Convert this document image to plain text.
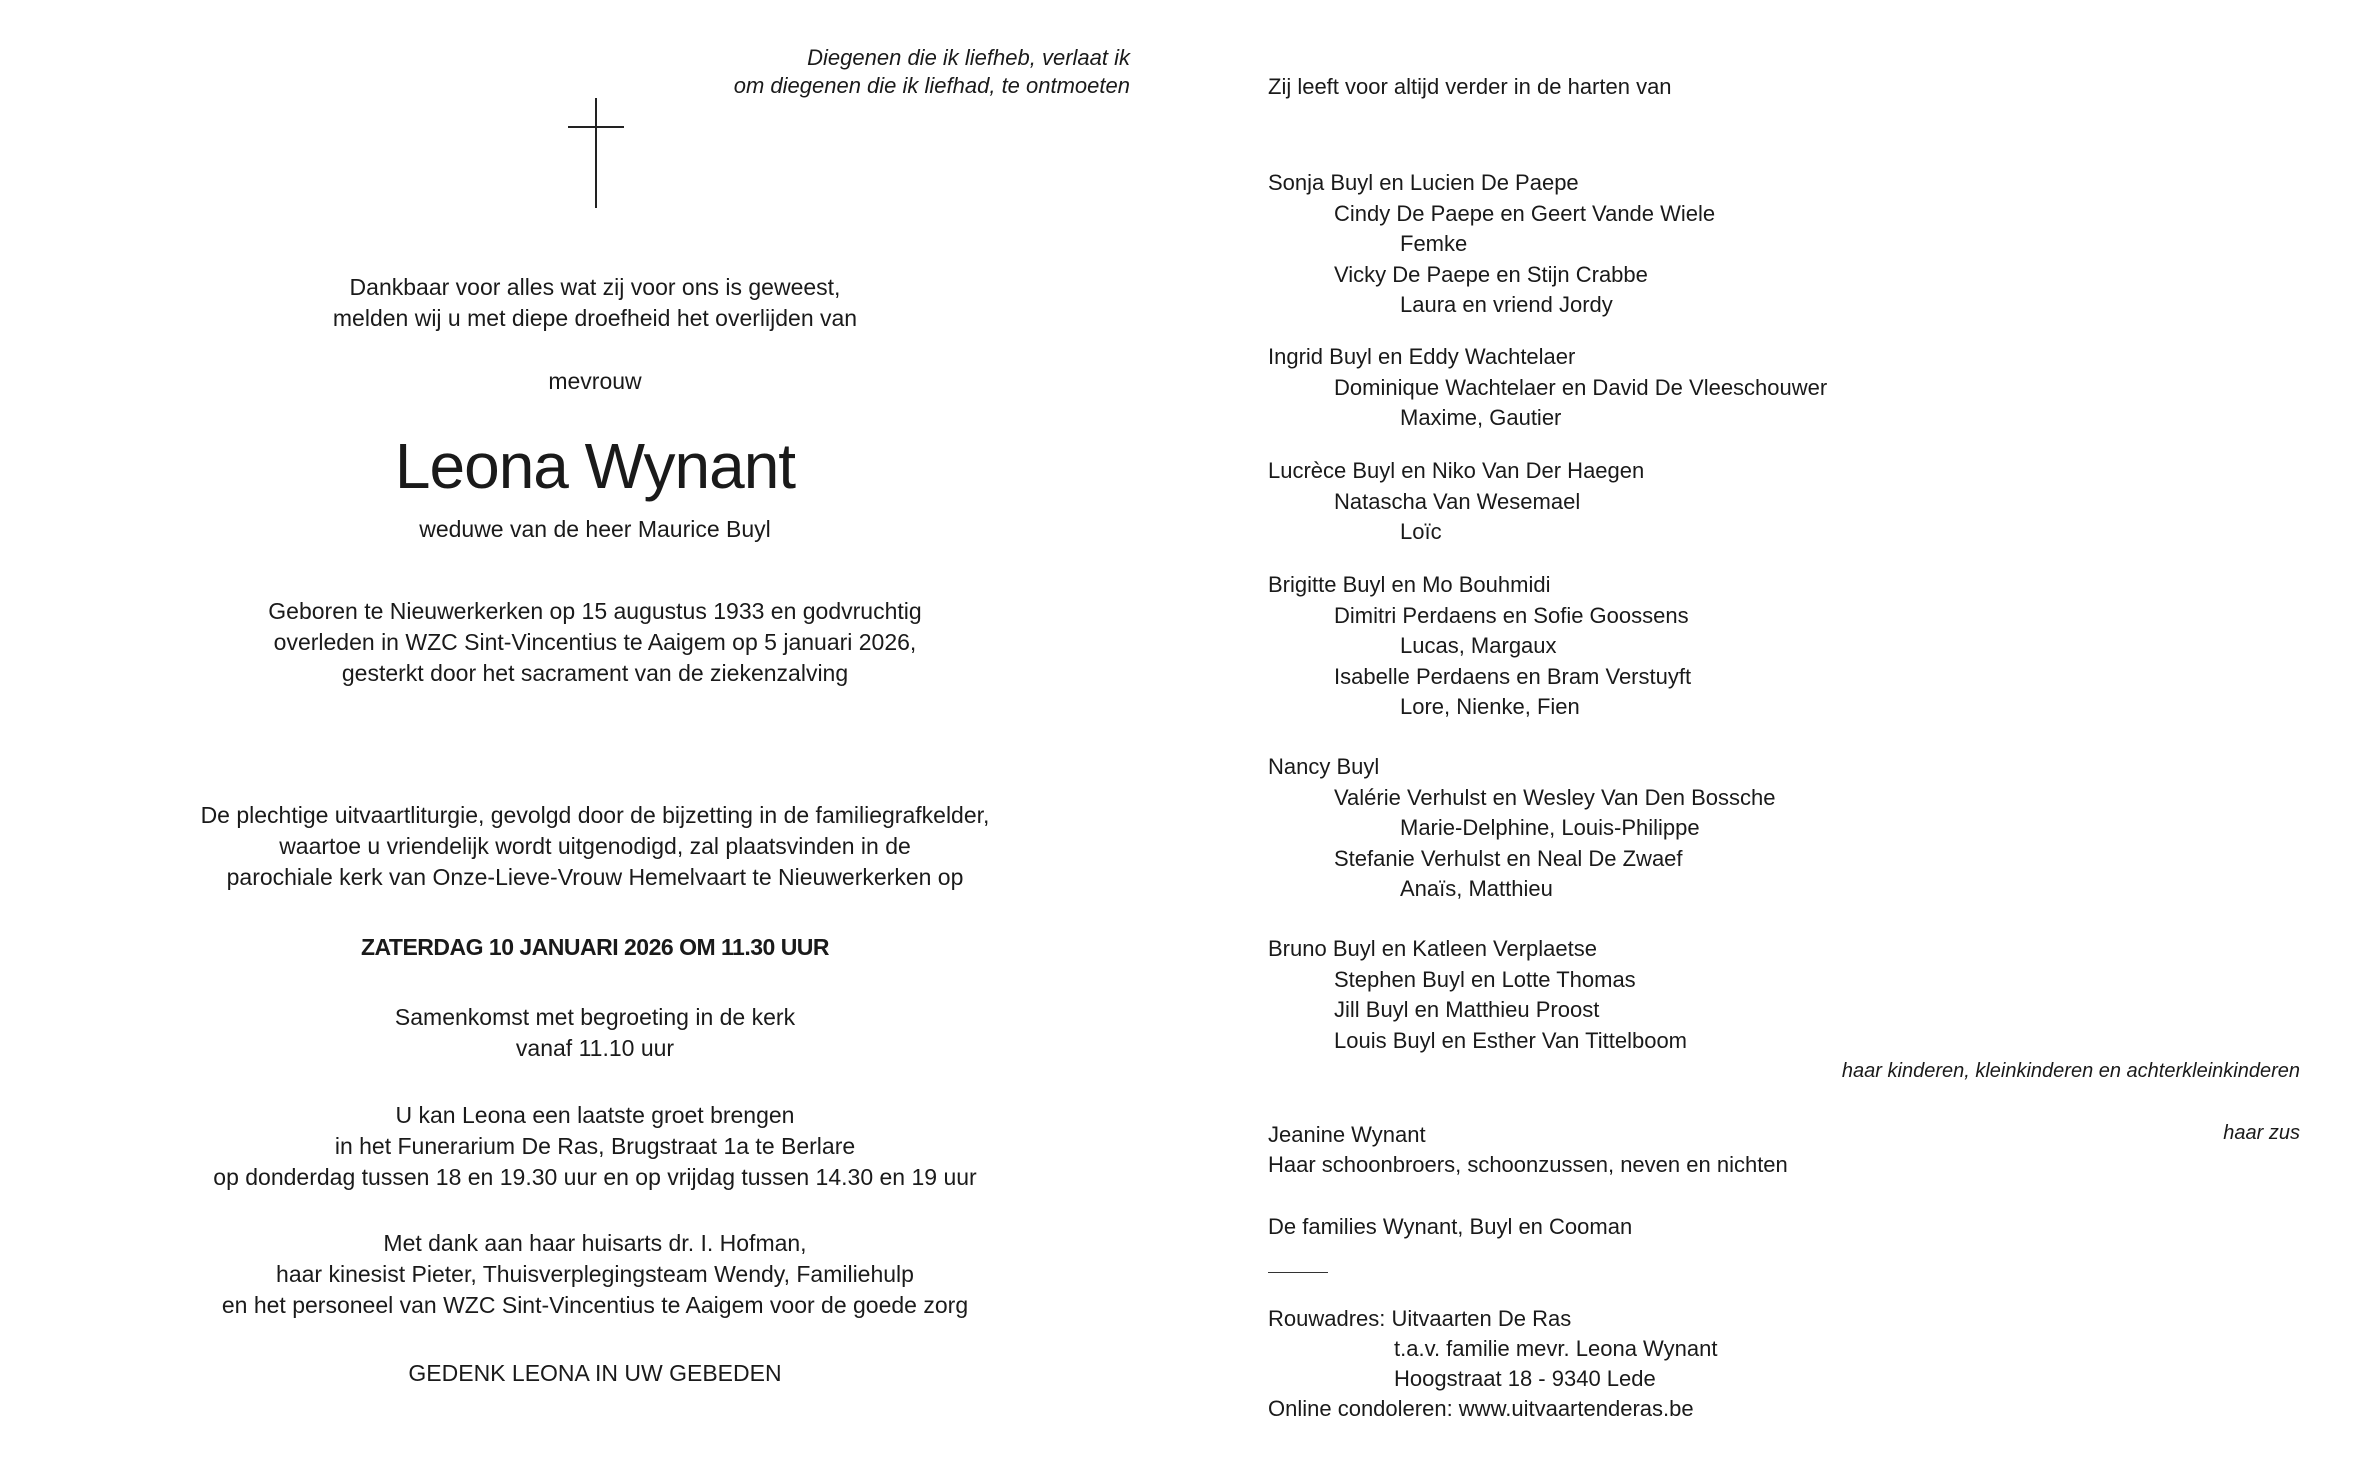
Diegenen die ik liefheb, verlaat ik
om diegenen die ik liefhad, te ontmoeten
Dankbaar voor alles wat zij voor ons is geweest,
melden wij u met diepe droefheid het overlijden van
mevrouw
Leona Wynant
weduwe van de heer Maurice Buyl
Geboren te Nieuwerkerken op 15 augustus 1933 en godvruchtig
overleden in WZC Sint-Vincentius te Aaigem op 5 januari 2026,
gesterkt door het sacrament van de ziekenzalving
De plechtige uitvaartliturgie, gevolgd door de bijzetting in de familiegrafkelder,
waartoe u vriendelijk wordt uitgenodigd, zal plaatsvinden in de
parochiale kerk van Onze-Lieve-Vrouw Hemelvaart te Nieuwerkerken op
ZATERDAG 10 JANUARI 2026 OM 11.30 UUR
Samenkomst met begroeting in de kerk
vanaf 11.10 uur
U kan Leona een laatste groet brengen
in het Funerarium De Ras, Brugstraat 1a te Berlare
op donderdag tussen 18 en 19.30 uur en op vrijdag tussen 14.30 en 19 uur
Met dank aan haar huisarts dr. I. Hofman,
haar kinesist Pieter, Thuisverplegingsteam Wendy, Familiehulp
en het personeel van WZC Sint-Vincentius te Aaigem voor de goede zorg
GEDENK LEONA IN UW GEBEDEN
Zij leeft voor altijd verder in de harten van
Sonja Buyl en Lucien De Paepe
Cindy De Paepe en Geert Vande Wiele
Femke
Vicky De Paepe en Stijn Crabbe
Laura en vriend Jordy
Ingrid Buyl en Eddy Wachtelaer
Dominique Wachtelaer en David De Vleeschouwer
Maxime, Gautier
Lucrèce Buyl en Niko Van Der Haegen
Natascha Van Wesemael
Loïc
Brigitte Buyl en Mo Bouhmidi
Dimitri Perdaens en Sofie Goossens
Lucas, Margaux
Isabelle Perdaens en Bram Verstuyft
Lore, Nienke, Fien
Nancy Buyl
Valérie Verhulst en Wesley Van Den Bossche
Marie-Delphine, Louis-Philippe
Stefanie Verhulst en Neal De Zwaef
Anaïs, Matthieu
Bruno Buyl en Katleen Verplaetse
Stephen Buyl en Lotte Thomas
Jill Buyl en Matthieu Proost
Louis Buyl en Esther Van Tittelboom
haar kinderen, kleinkinderen en achterkleinkinderen
Jeanine Wynant	haar zus
Haar schoonbroers, schoonzussen, neven en nichten
De families Wynant, Buyl en Cooman
Rouwadres: Uitvaarten De Ras
t.a.v. familie mevr. Leona Wynant
Hoogstraat 18 - 9340 Lede
Online condoleren: www.uitvaartenderas.be
